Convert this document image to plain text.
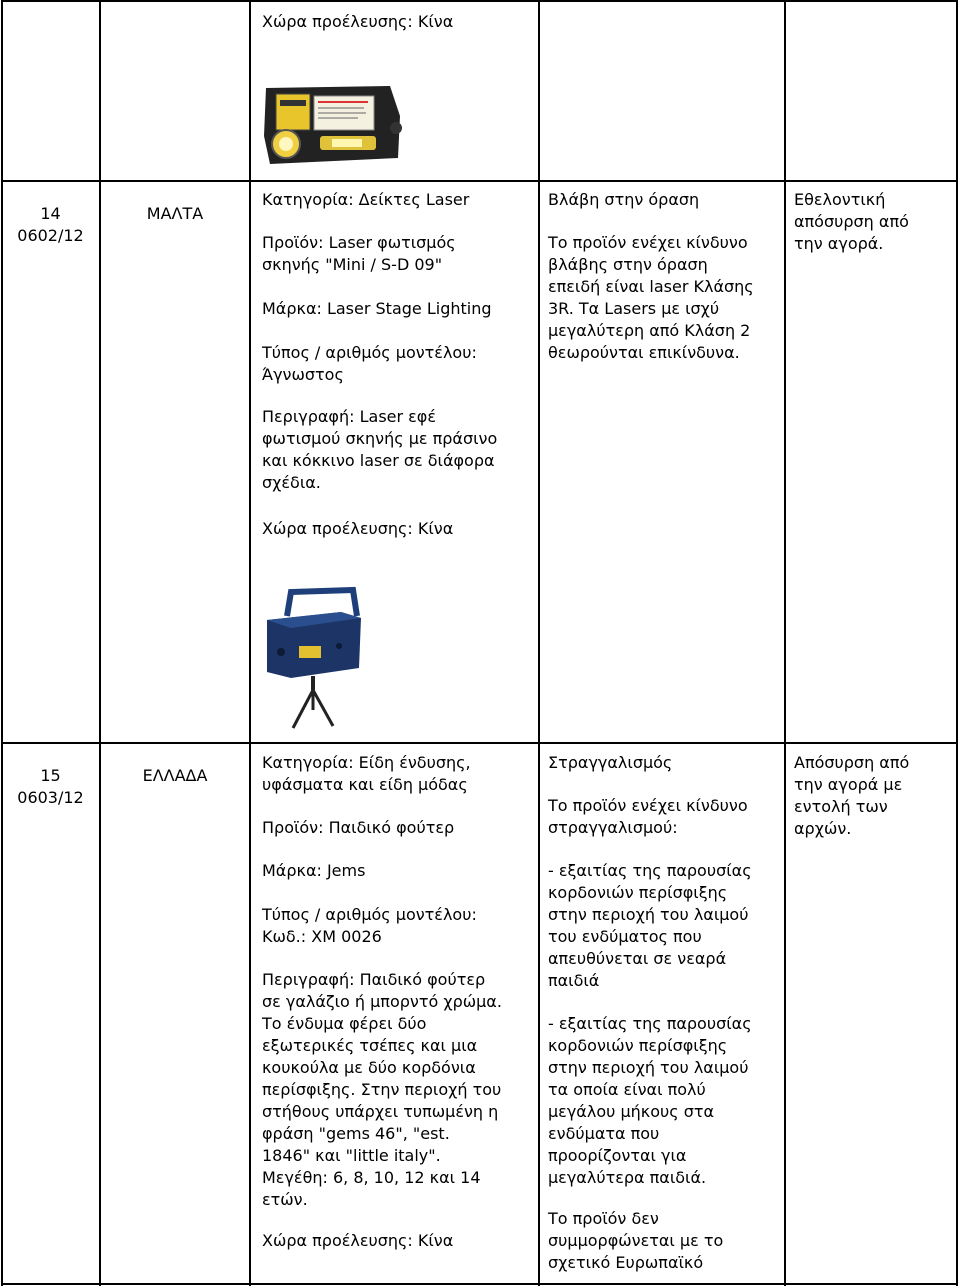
Χώρα προέλευσης: Κίνα
14
0602/12
ΜΑΛΤΑ
Κατηγορία: Δείκτες Laser
Προϊόν: Laser φωτισμός
σκηνής "Mini / S-D 09"
Μάρκα: Laser Stage Lighting
Τύπος / αριθμός μοντέλου:
Άγνωστος
Περιγραφή: Laser εφέ
φωτισμού σκηνής με πράσινο
και κόκκινο laser σε διάφορα
σχέδια.
Χώρα προέλευσης: Κίνα
Βλάβη στην όραση
Το προϊόν ενέχει κίνδυνο
βλάβης στην όραση
επειδή είναι laser Κλάσης
3R. Τα Lasers με ισχύ
μεγαλύτερη από Κλάση 2
θεωρούνται επικίνδυνα.
Εθελοντική
απόσυρση από
την αγορά.
15
0603/12
ΕΛΛΑΔΑ
Κατηγορία: Είδη ένδυσης,
υφάσματα και είδη μόδας
Προϊόν: Παιδικό φούτερ
Μάρκα: Jems
Τύπος / αριθμός μοντέλου:
Κωδ.: XM 0026
Περιγραφή: Παιδικό φούτερ
σε γαλάζιο ή μπορντό χρώμα.
Το ένδυμα φέρει δύο
εξωτερικές τσέπες και μια
κουκούλα με δύο κορδόνια
περίσφιξης. Στην περιοχή του
στήθους υπάρχει τυπωμένη η
φράση "gems 46", "est.
1846" και "little italy".
Μεγέθη: 6, 8, 10, 12 και 14
ετών.
Χώρα προέλευσης: Κίνα
Στραγγαλισμός
Το προϊόν ενέχει κίνδυνο
στραγγαλισμού:
- εξαιτίας της παρουσίας
κορδονιών περίσφιξης
στην περιοχή του λαιμού
του ενδύματος που
απευθύνεται σε νεαρά
παιδιά
- εξαιτίας της παρουσίας
κορδονιών περίσφιξης
στην περιοχή του λαιμού
τα οποία είναι πολύ
μεγάλου μήκους στα
ενδύματα που
προορίζονται για
μεγαλύτερα παιδιά.
Το προϊόν δεν
συμμορφώνεται με το
σχετικό Ευρωπαϊκό
Απόσυρση από
την αγορά με
εντολή των
αρχών.
